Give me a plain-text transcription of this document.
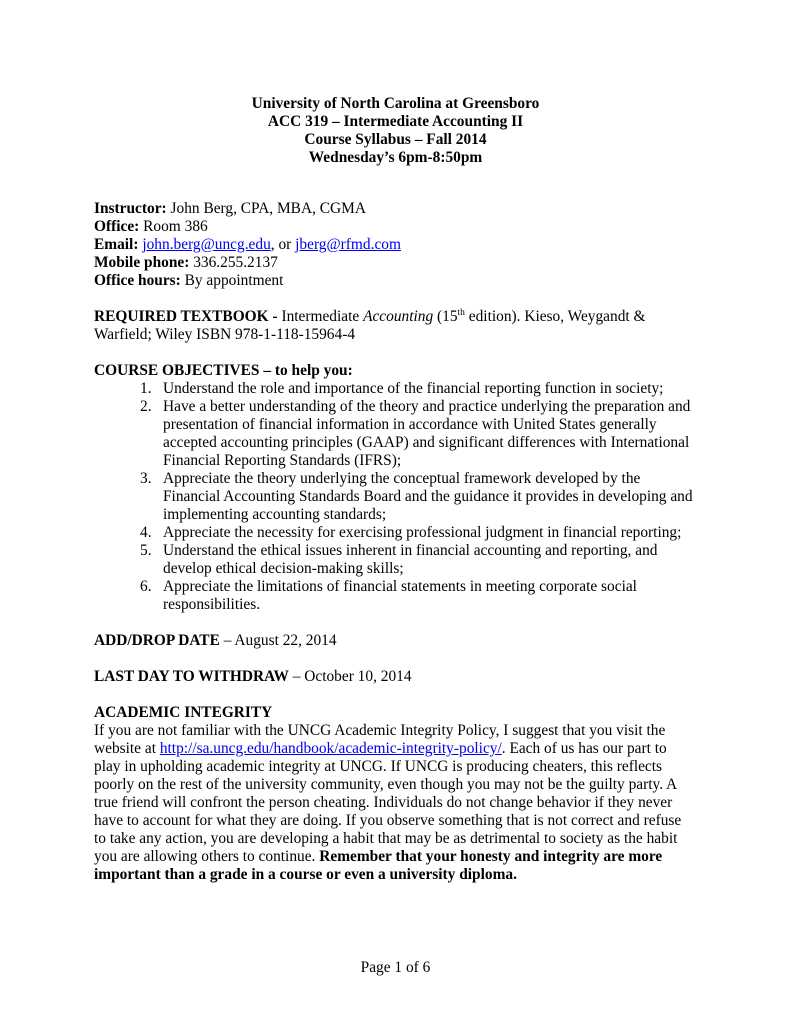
University of North Carolina at Greensboro
ACC 319 – Intermediate Accounting II
Course Syllabus – Fall 2014
Wednesday’s 6pm-8:50pm
Instructor: John Berg, CPA, MBA, CGMA
Office: Room 386
Email: john.berg@uncg.edu, or jberg@rfmd.com
Mobile phone: 336.255.2137
Office hours: By appointment
REQUIRED TEXTBOOK - Intermediate Accounting (15th edition). Kieso, Weygandt &
Warfield; Wiley ISBN 978-1-118-15964-4
COURSE OBJECTIVES – to help you:
1. Understand the role and importance of the financial reporting function in society;
2. Have a better understanding of the theory and practice underlying the preparation and
presentation of financial information in accordance with United States generally
accepted accounting principles (GAAP) and significant differences with International
Financial Reporting Standards (IFRS);
3. Appreciate the theory underlying the conceptual framework developed by the
Financial Accounting Standards Board and the guidance it provides in developing and
implementing accounting standards;
4. Appreciate the necessity for exercising professional judgment in financial reporting;
5. Understand the ethical issues inherent in financial accounting and reporting, and
develop ethical decision-making skills;
6. Appreciate the limitations of financial statements in meeting corporate social
responsibilities.
ADD/DROP DATE – August 22, 2014
LAST DAY TO WITHDRAW – October 10, 2014
ACADEMIC INTEGRITY
If you are not familiar with the UNCG Academic Integrity Policy, I suggest that you visit the
website at http://sa.uncg.edu/handbook/academic-integrity-policy/. Each of us has our part to
play in upholding academic integrity at UNCG. If UNCG is producing cheaters, this reflects
poorly on the rest of the university community, even though you may not be the guilty party. A
true friend will confront the person cheating. Individuals do not change behavior if they never
have to account for what they are doing. If you observe something that is not correct and refuse
to take any action, you are developing a habit that may be as detrimental to society as the habit
you are allowing others to continue. Remember that your honesty and integrity are more
important than a grade in a course or even a university diploma.
Page 1 of 6
